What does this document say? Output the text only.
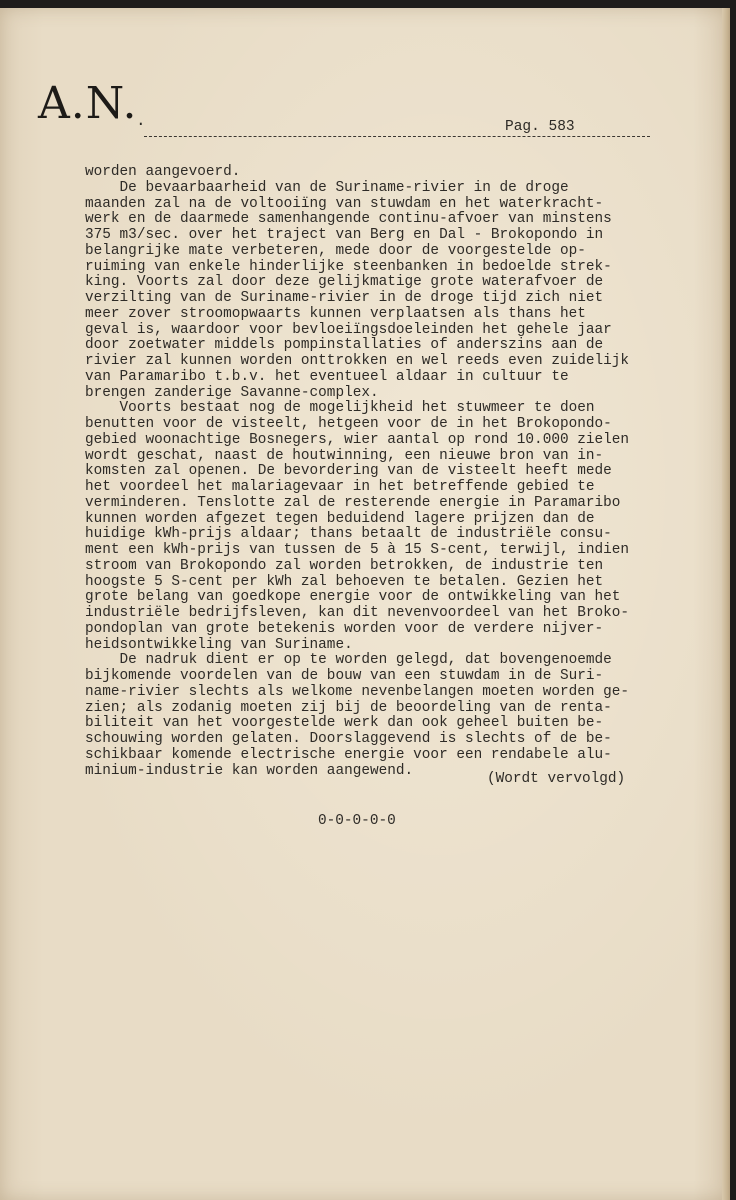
A.N.
.	Pag. 583
worden aangevoerd.
De bevaarbaarheid van de Suriname-rivier in de droge
maanden zal na de voltooiïng van stuwdam en het waterkracht-
werk en de daarmede samenhangende continu-afvoer van minstens
375 m3/sec. over het traject van Berg en Dal - Brokopondo in
belangrijke mate verbeteren, mede door de voorgestelde op-
ruiming van enkele hinderlijke steenbanken in bedoelde strek-
king. Voorts zal door deze gelijkmatige grote waterafvoer de
verzilting van de Suriname-rivier in de droge tijd zich niet
meer zover stroomopwaarts kunnen verplaatsen als thans het
geval is, waardoor voor bevloeiïngsdoeleinden het gehele jaar
door zoetwater middels pompinstallaties of anderszins aan de
rivier zal kunnen worden onttrokken en wel reeds even zuidelijk
van Paramaribo t.b.v. het eventueel aldaar in cultuur te
brengen zanderige Savanne-complex.
Voorts bestaat nog de mogelijkheid het stuwmeer te doen
benutten voor de visteelt, hetgeen voor de in het Brokopondo-
gebied woonachtige Bosnegers, wier aantal op rond 10.000 zielen
wordt geschat, naast de houtwinning, een nieuwe bron van in-
komsten zal openen. De bevordering van de visteelt heeft mede
het voordeel het malariagevaar in het betreffende gebied te
verminderen. Tenslotte zal de resterende energie in Paramaribo
kunnen worden afgezet tegen beduidend lagere prijzen dan de
huidige kWh-prijs aldaar; thans betaalt de industriële consu-
ment een kWh-prijs van tussen de 5 à 15 S-cent, terwijl, indien
stroom van Brokopondo zal worden betrokken, de industrie ten
hoogste 5 S-cent per kWh zal behoeven te betalen. Gezien het
grote belang van goedkope energie voor de ontwikkeling van het
industriële bedrijfsleven, kan dit nevenvoordeel van het Broko-
pondoplan van grote betekenis worden voor de verdere nijver-
heidsontwikkeling van Suriname.
De nadruk dient er op te worden gelegd, dat bovengenoemde
bijkomende voordelen van de bouw van een stuwdam in de Suri-
name-rivier slechts als welkome nevenbelangen moeten worden ge-
zien; als zodanig moeten zij bij de beoordeling van de renta-
biliteit van het voorgestelde werk dan ook geheel buiten be-
schouwing worden gelaten. Doorslaggevend is slechts of de be-
schikbaar komende electrische energie voor een rendabele alu-
minium-industrie kan worden aangewend.
(Wordt vervolgd)
0-0-0-0-0
